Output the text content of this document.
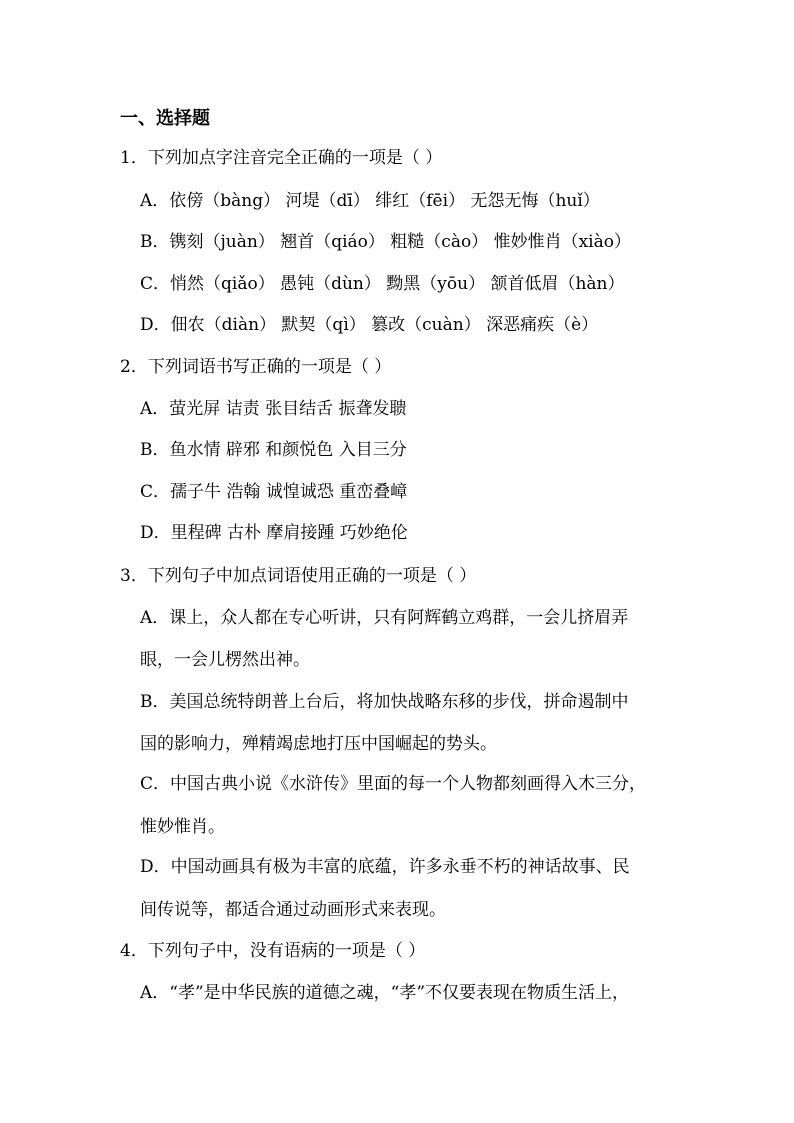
一、选择题
1．下列加点字注音完全正确的一项是（ ）
A．依傍（bàng） 河堤（dī） 绯红（fēi） 无怨无悔（huǐ）
B．镌刻（juàn） 翘首（qiáo） 粗糙（cào） 惟妙惟肖（xiào）
C．悄然（qiǎo） 愚钝（dùn） 黝黑（yōu） 颔首低眉（hàn）
D．佃农（diàn） 默契（qì） 篡改（cuàn） 深恶痛疾（è）
2．下列词语书写正确的一项是（ ）
A．萤光屏 诘责 张目结舌 振聋发聩
B．鱼水情 辟邪 和颜悦色 入目三分
C．孺子牛 浩翰 诚惶诚恐 重峦叠嶂
D．里程碑 古朴 摩肩接踵 巧妙绝伦
3．下列句子中加点词语使用正确的一项是（ ）
A．课上，众人都在专心听讲，只有阿辉鹤立鸡群，一会儿挤眉弄
眼，一会儿楞然出神。
B．美国总统特朗普上台后，将加快战略东移的步伐，拼命遏制中
国的影响力，殚精竭虑地打压中国崛起的势头。
C．中国古典小说《水浒传》里面的每一个人物都刻画得入木三分，
惟妙惟肖。
D．中国动画具有极为丰富的底蕴，许多永垂不朽的神话故事、民
间传说等，都适合通过动画形式来表现。
4．下列句子中，没有语病的一项是（ ）
A．“孝”是中华民族的道德之魂，“孝”不仅要表现在物质生活上，
